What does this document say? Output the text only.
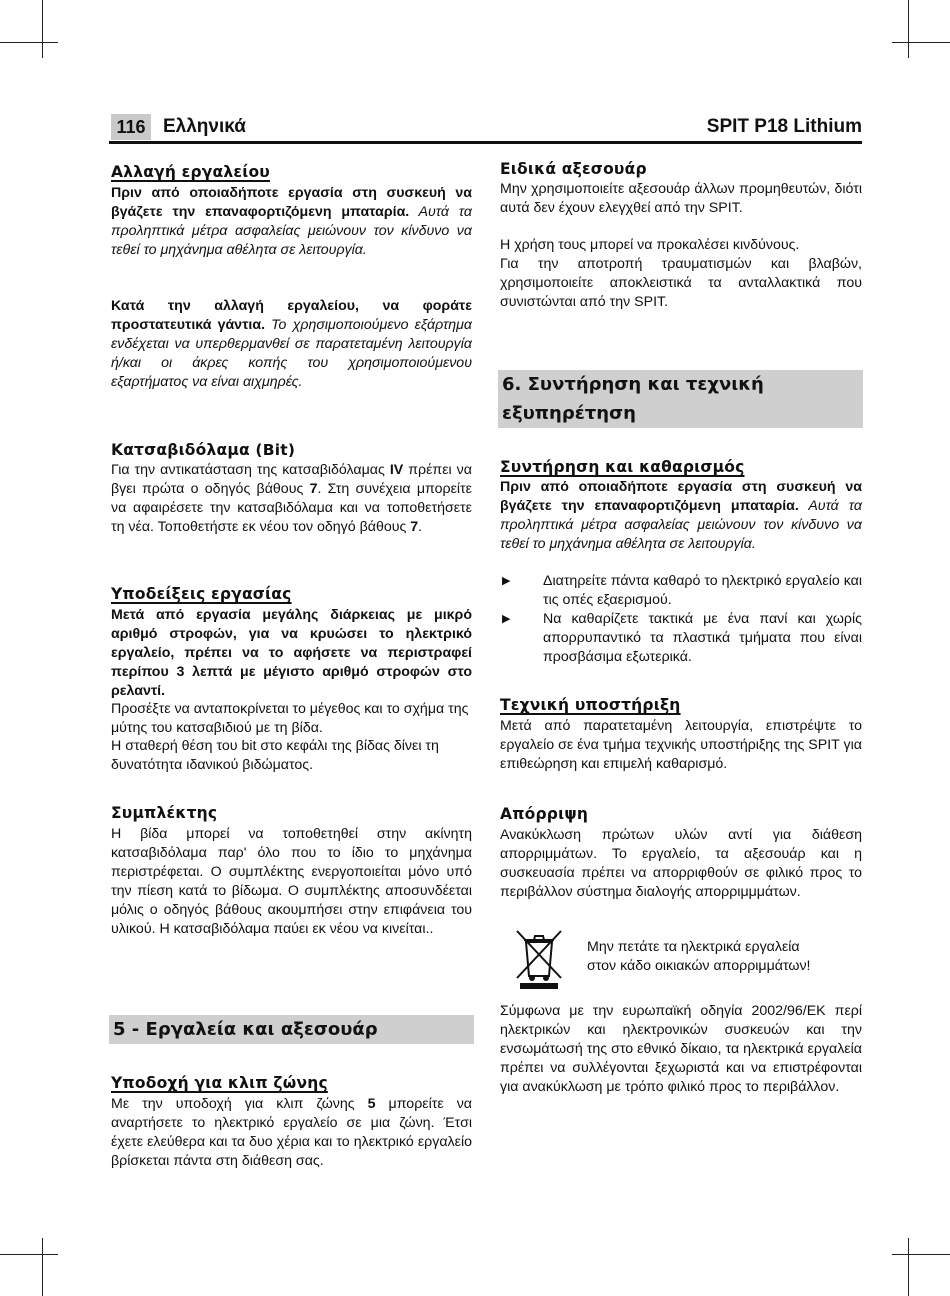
116 Ελληνικά	SPIT P18 Lithium
Αλλαγή εργαλείου
Πριν από οποιαδήποτε εργασία στη συσκευή να βγάζετε την επαναφορτιζόμενη μπαταρία. Αυτά τα προληπτικά μέτρα ασφαλείας μειώνουν τον κίνδυνο να τεθεί το μηχάνημα αθέλητα σε λειτουργία.
Κατά την αλλαγή εργαλείου, να φοράτε προστατευτικά γάντια. Το χρησιμοποιούμενο εξάρτημα ενδέχεται να υπερθερμανθεί σε παρατεταμένη λειτουργία ή/και οι άκρες κοπής του χρησιμοποιούμενου εξαρτήματος να είναι αιχμηρές.
Κατσαβιδόλαμα (Bit)
Για την αντικατάσταση της κατσαβιδόλαμας IV πρέπει να βγει πρώτα ο οδηγός βάθους 7. Στη συνέχεια μπορείτε να αφαιρέσετε την κατσαβιδόλαμα και να τοποθετήσετε τη νέα. Τοποθετήστε εκ νέου τον οδηγό βάθους 7.
Υποδείξεις εργασίας
Μετά από εργασία μεγάλης διάρκειας με μικρό αριθμό στροφών, για να κρυώσει το ηλεκτρικό εργαλείο, πρέπει να το αφήσετε να περιστραφεί περίπου 3 λεπτά με μέγιστο αριθμό στροφών στο ρελαντί.
Προσέξτε να ανταποκρίνεται το μέγεθος και το σχήμα της μύτης του κατσαβιδιού με τη βίδα.
Η σταθερή θέση του bit στο κεφάλι της βίδας δίνει τη δυνατότητα ιδανικού βιδώματος.
Συμπλέκτης
Η βίδα μπορεί να τοποθετηθεί στην ακίνητη κατσαβιδόλαμα παρ' όλο που το ίδιο το μηχάνημα περιστρέφεται. Ο συμπλέκτης ενεργοποιείται μόνο υπό την πίεση κατά το βίδωμα. Ο συμπλέκτης αποσυνδέεται μόλις ο οδηγός βάθους ακουμπήσει στην επιφάνεια του υλικού. Η κατσαβιδόλαμα παύει εκ νέου να κινείται..
5 - Εργαλεία και αξεσουάρ
Υποδοχή για κλιπ ζώνης
Με την υποδοχή για κλιπ ζώνης 5 μπορείτε να αναρτήσετε το ηλεκτρικό εργαλείο σε μια ζώνη. Έτσι έχετε ελεύθερα και τα δυο χέρια και το ηλεκτρικό εργαλείο βρίσκεται πάντα στη διάθεση σας.
Ειδικά αξεσουάρ
Μην χρησιμοποιείτε αξεσουάρ άλλων προμηθευτών, διότι αυτά δεν έχουν ελεγχθεί από την SPIT.
Η χρήση τους μπορεί να προκαλέσει κινδύνους.
Για την αποτροπή τραυματισμών και βλαβών, χρησιμοποιείτε αποκλειστικά τα ανταλλακτικά που συνιστώνται από την SPIT.
6. Συντήρηση και τεχνική εξυπηρέτηση
Συντήρηση και καθαρισμός
Πριν από οποιαδήποτε εργασία στη συσκευή να βγάζετε την επαναφορτιζόμενη μπαταρία. Αυτά τα προληπτικά μέτρα ασφαλείας μειώνουν τον κίνδυνο να τεθεί το μηχάνημα αθέλητα σε λειτουργία.
▶ Διατηρείτε πάντα καθαρό το ηλεκτρικό εργαλείο και τις οπές εξαερισμού.
▶ Να καθαρίζετε τακτικά με ένα πανί και χωρίς απορρυπαντικό τα πλαστικά τμήματα που είναι προσβάσιμα εξωτερικά.
Τεχνική υποστήριξη
Μετά από παρατεταμένη λειτουργία, επιστρέψτε το εργαλείο σε ένα τμήμα τεχνικής υποστήριξης της SPIT για επιθεώρηση και επιμελή καθαρισμό.
Απόρριψη
Ανακύκλωση πρώτων υλών αντί για διάθεση απορριμμάτων. Το εργαλείο, τα αξεσουάρ και η συσκευασία πρέπει να απορριφθούν σε φιλικό προς το περιβάλλον σύστημα διαλογής απορριμμμάτων.
Μην πετάτε τα ηλεκτρικά εργαλεία
στον κάδο οικιακών απορριμμάτων!
Σύμφωνα με την ευρωπαϊκή οδηγία 2002/96/ΕΚ περί ηλεκτρικών και ηλεκτρονικών συσκευών και την ενσωμάτωσή της στο εθνικό δίκαιο, τα ηλεκτρικά εργαλεία πρέπει να συλλέγονται ξεχωριστά και να επιστρέφονται για ανακύκλωση με τρόπο φιλικό προς το περιβάλλον.
